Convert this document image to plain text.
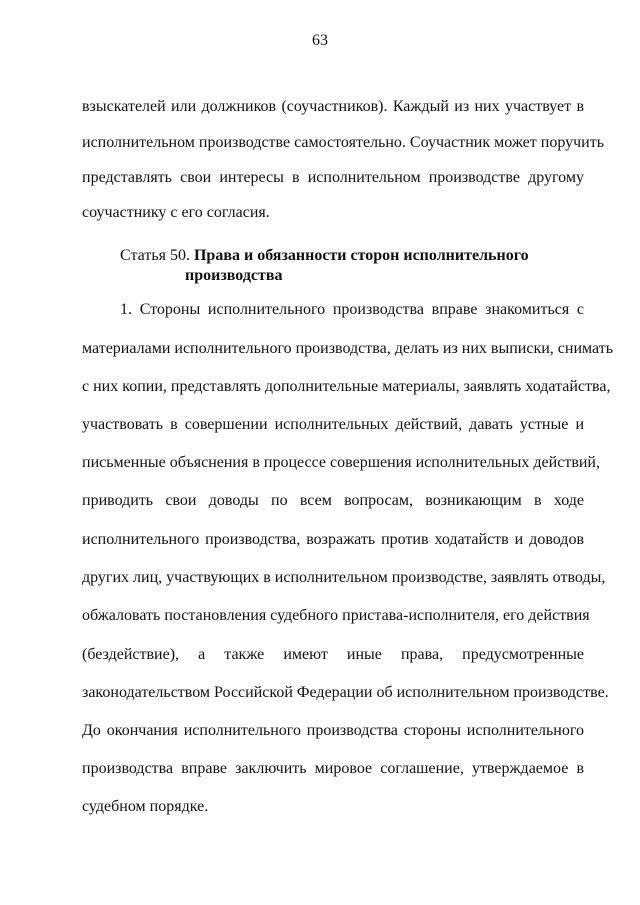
63
взыскателей или должников (соучастников). Каждый из них участвует в
исполнительном производстве самостоятельно. Соучастник может поручить
представлять свои интересы в исполнительном производстве другому
соучастнику с его согласия.
Статья 50. Права и обязанности сторон исполнительного
производства
1. Стороны исполнительного производства вправе знакомиться с
материалами исполнительного производства, делать из них выписки, снимать
с них копии, представлять дополнительные материалы, заявлять ходатайства,
участвовать в совершении исполнительных действий, давать устные и
письменные объяснения в процессе совершения исполнительных действий,
приводить свои доводы по всем вопросам, возникающим в ходе
исполнительного производства, возражать против ходатайств и доводов
других лиц, участвующих в исполнительном производстве, заявлять отводы,
обжаловать постановления судебного пристава-исполнителя, его действия
(бездействие), а также имеют иные права, предусмотренные
законодательством Российской Федерации об исполнительном производстве.
До окончания исполнительного производства стороны исполнительного
производства вправе заключить мировое соглашение, утверждаемое в
судебном порядке.
